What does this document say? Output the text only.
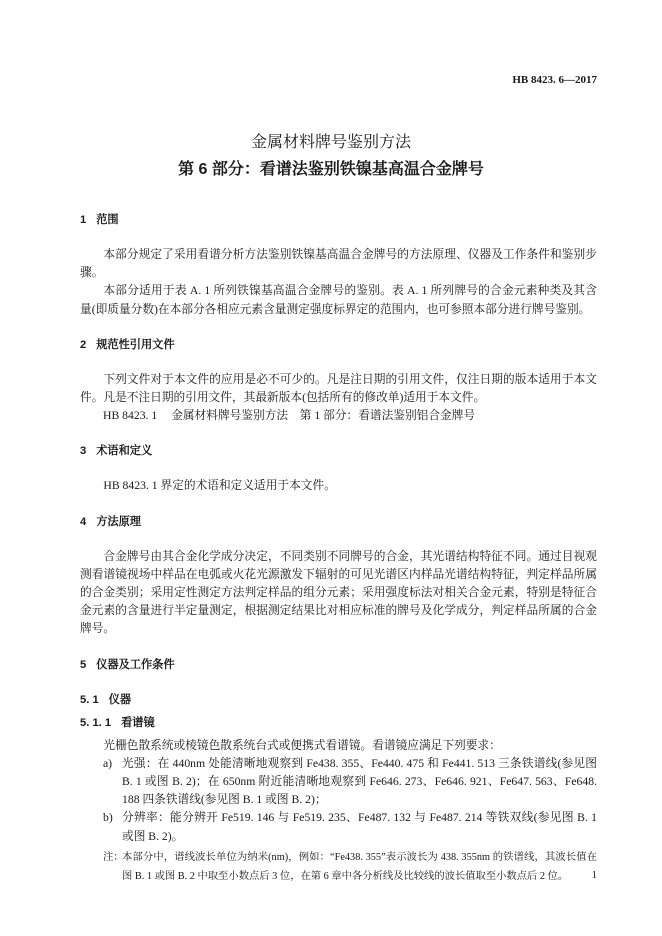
HB 8423. 6—2017
金属材料牌号鉴别方法
第 6 部分：看谱法鉴别铁镍基高温合金牌号
1 范围

本部分规定了采用看谱分析方法鉴别铁镍基高温合金牌号的方法原理、仪器及工作条件和鉴别步骤。

本部分适用于表 A. 1 所列铁镍基高温合金牌号的鉴别。表 A. 1 所列牌号的合金元素种类及其含量(即质量分数)在本部分各相应元素含量测定强度标界定的范围内，也可参照本部分进行牌号鉴别。

2 规范性引用文件

下列文件对于本文件的应用是必不可少的。凡是注日期的引用文件，仅注日期的版本适用于本文件。凡是不注日期的引用文件，其最新版本(包括所有的修改单)适用于本文件。

HB 8423. 1 金属材料牌号鉴别方法　第 1 部分：看谱法鉴别铝合金牌号
3 术语和定义

HB 8423. 1 界定的术语和定义适用于本文件。

4 方法原理

合金牌号由其合金化学成分决定，不同类别不同牌号的合金，其光谱结构特征不同。通过目视观测看谱镜视场中样品在电弧或火花光源激发下辐射的可见光谱区内样品光谱结构特征，判定样品所属的合金类别；采用定性测定方法判定样品的组分元素；采用强度标法对相关合金元素，特别是特征合金元素的含量进行半定量测定，根据测定结果比对相应标准的牌号及化学成分，判定样品所属的合金牌号。

5 仪器及工作条件
5. 1 仪器
5. 1. 1 看谱镜

光栅色散系统或棱镜色散系统台式或便携式看谱镜。看谱镜应满足下列要求：

a) 光强：在 440nm 处能清晰地观察到 Fe438. 355、Fe440. 475 和 Fe441. 513 三条铁谱线(参见图 B. 1 或图 B. 2)；在 650nm 附近能清晰地观察到 Fe646. 273、Fe646. 921、Fe647. 563、Fe648. 188 四条铁谱线(参见图 B. 1 或图 B. 2)；
b) 分辨率：能分辨开 Fe519. 146 与 Fe519. 235、Fe487. 132 与 Fe487. 214 等铁双线(参见图 B. 1 或图 B. 2)。
注：
本部分中，谱线波长单位为纳米(nm)，例如：“Fe438. 355”表示波长为 438. 355nm 的铁谱线，其波长值在图 B. 1 或图 B. 2 中取至小数点后 3 位，在第 6 章中各分析线及比较线的波长值取至小数点后 2 位。	1
